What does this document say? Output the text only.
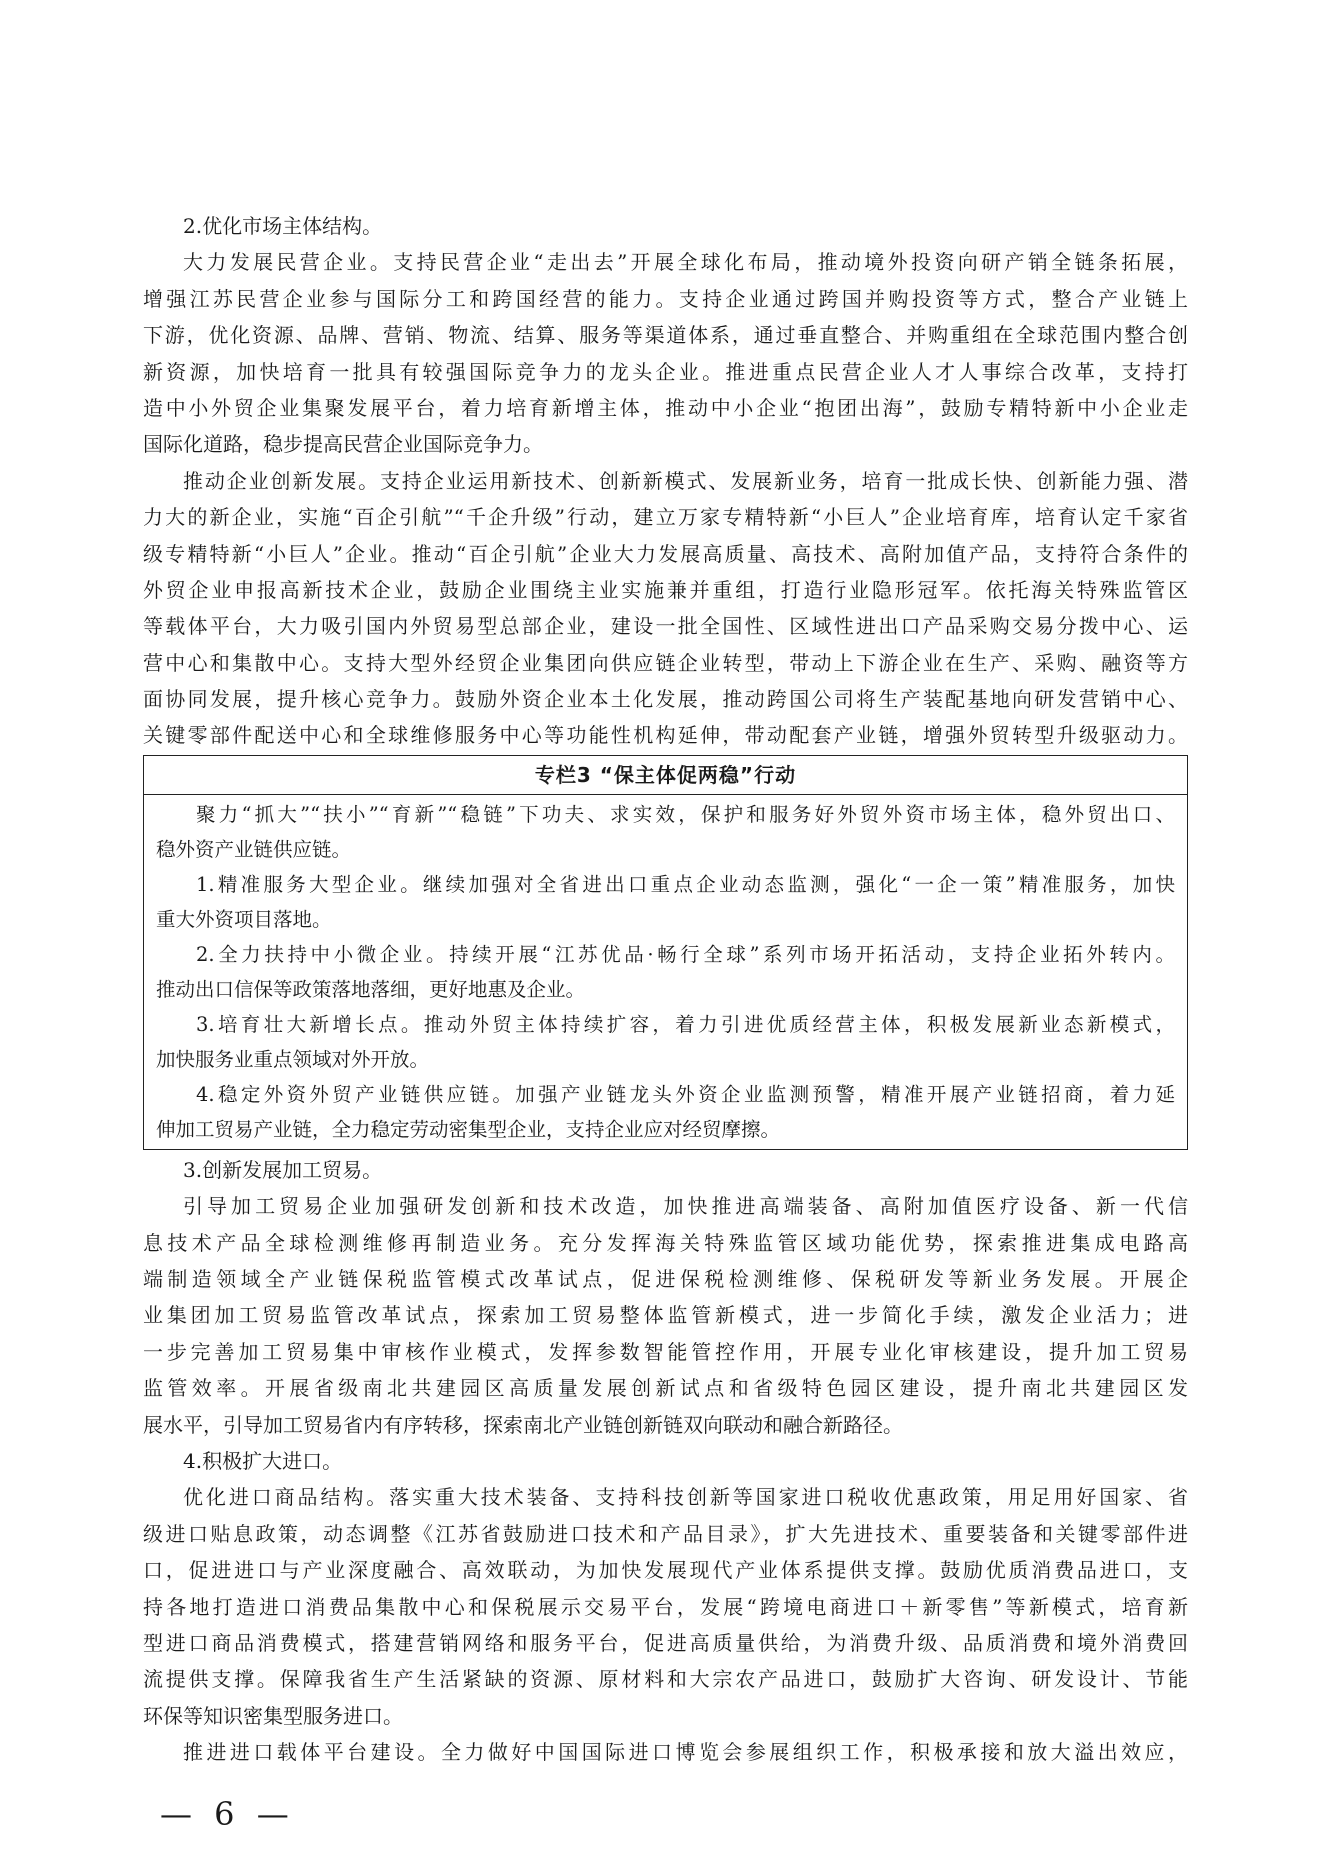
2.优化市场主体结构。
大力发展民营企业。支持民营企业“走出去”开展全球化布局，推动境外投资向研产销全链条拓展，
增强江苏民营企业参与国际分工和跨国经营的能力。支持企业通过跨国并购投资等方式，整合产业链上
下游，优化资源、品牌、营销、物流、结算、服务等渠道体系，通过垂直整合、并购重组在全球范围内整合创
新资源，加快培育一批具有较强国际竞争力的龙头企业。推进重点民营企业人才人事综合改革，支持打
造中小外贸企业集聚发展平台，着力培育新增主体，推动中小企业“抱团出海”，鼓励专精特新中小企业走
国际化道路，稳步提高民营企业国际竞争力。
推动企业创新发展。支持企业运用新技术、创新新模式、发展新业务，培育一批成长快、创新能力强、潜
力大的新企业，实施“百企引航”“千企升级”行动，建立万家专精特新“小巨人”企业培育库，培育认定千家省
级专精特新“小巨人”企业。推动“百企引航”企业大力发展高质量、高技术、高附加值产品，支持符合条件的
外贸企业申报高新技术企业，鼓励企业围绕主业实施兼并重组，打造行业隐形冠军。依托海关特殊监管区
等载体平台，大力吸引国内外贸易型总部企业，建设一批全国性、区域性进出口产品采购交易分拨中心、运
营中心和集散中心。支持大型外经贸企业集团向供应链企业转型，带动上下游企业在生产、采购、融资等方
面协同发展，提升核心竞争力。鼓励外资企业本土化发展，推动跨国公司将生产装配基地向研发营销中心、
关键零部件配送中心和全球维修服务中心等功能性机构延伸，带动配套产业链，增强外贸转型升级驱动力。
专栏3 “保主体促两稳”行动
聚力“抓大”“扶小”“育新”“稳链”下功夫、求实效，保护和服务好外贸外资市场主体，稳外贸出口、
稳外资产业链供应链。
1.精准服务大型企业。继续加强对全省进出口重点企业动态监测，强化“一企一策”精准服务，加快
重大外资项目落地。
2.全力扶持中小微企业。持续开展“江苏优品·畅行全球”系列市场开拓活动，支持企业拓外转内。
推动出口信保等政策落地落细，更好地惠及企业。
3.培育壮大新增长点。推动外贸主体持续扩容，着力引进优质经营主体，积极发展新业态新模式，
加快服务业重点领域对外开放。
4.稳定外资外贸产业链供应链。加强产业链龙头外资企业监测预警，精准开展产业链招商，着力延
伸加工贸易产业链，全力稳定劳动密集型企业，支持企业应对经贸摩擦。
3.创新发展加工贸易。
引导加工贸易企业加强研发创新和技术改造，加快推进高端装备、高附加值医疗设备、新一代信
息技术产品全球检测维修再制造业务。充分发挥海关特殊监管区域功能优势，探索推进集成电路高
端制造领域全产业链保税监管模式改革试点，促进保税检测维修、保税研发等新业务发展。开展企
业集团加工贸易监管改革试点，探索加工贸易整体监管新模式，进一步简化手续，激发企业活力；进
一步完善加工贸易集中审核作业模式，发挥参数智能管控作用，开展专业化审核建设，提升加工贸易
监管效率。开展省级南北共建园区高质量发展创新试点和省级特色园区建设，提升南北共建园区发
展水平，引导加工贸易省内有序转移，探索南北产业链创新链双向联动和融合新路径。
4.积极扩大进口。
优化进口商品结构。落实重大技术装备、支持科技创新等国家进口税收优惠政策，用足用好国家、省
级进口贴息政策，动态调整《江苏省鼓励进口技术和产品目录》，扩大先进技术、重要装备和关键零部件进
口，促进进口与产业深度融合、高效联动，为加快发展现代产业体系提供支撑。鼓励优质消费品进口，支
持各地打造进口消费品集散中心和保税展示交易平台，发展“跨境电商进口＋新零售”等新模式，培育新
型进口商品消费模式，搭建营销网络和服务平台，促进高质量供给，为消费升级、品质消费和境外消费回
流提供支撑。保障我省生产生活紧缺的资源、原材料和大宗农产品进口，鼓励扩大咨询、研发设计、节能
环保等知识密集型服务进口。
推进进口载体平台建设。全力做好中国国际进口博览会参展组织工作，积极承接和放大溢出效应，
— 6 —
